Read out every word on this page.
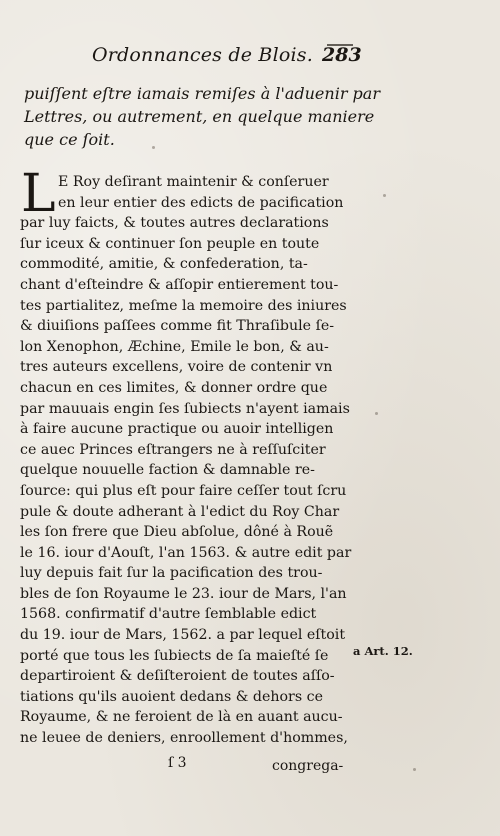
Ordonnances de Blois. 283
puiſſent eſtre iamais remiſes à l'aduenir par
Lettres, ou autrement, en quelque maniere
que ce ſoit.
L E Roy deſirant maintenir & conſeruer
en leur entier des edicts de pacification
par luy faicts, & toutes autres declarations
ſur iceux & continuer ſon peuple en toute
commodité, amitie, & confederation, ta-
chant d'eſteindre & aſſopir entierement tou-
tes partialitez, meſme la memoire des iniures
& diuiſions paſſees comme fit Thraſibule ſe-
lon Xenophon, Æchine, Emile le bon, & au-
tres auteurs excellens, voire de contenir vn
chacun en ces limites, & donner ordre que
par mauuais engin ſes ſubiects n'ayent iamais
à faire aucune practique ou auoir intelligen
ce auec Princes eſtrangers ne à reſſuſciter
quelque nouuelle faction & damnable re-
ſource: qui plus eſt pour faire ceſſer tout ſcru
pule & doute adherant à l'edict du Roy Char
les ſon frere que Dieu abſolue, dôné à Rouẽ
le 16. iour d'Aouſt, l'an 1563. & autre edit par
luy depuis fait ſur la pacification des trou-
bles de ſon Royaume le 23. iour de Mars, l'an
1568. confirmatif d'autre ſemblable edict
du 19. iour de Mars, 1562. a par lequel eſtoit
porté que tous les ſubiects de ſa maieſté ſe
departiroient & deſiſteroient de toutes aſſo-
tiations qu'ils auoient dedans & dehors ce
Royaume, & ne feroient de là en auant aucu-
ne leuee de deniers, enroollement d'hommes,
a Art. 12.
ſ 3	congrega-
